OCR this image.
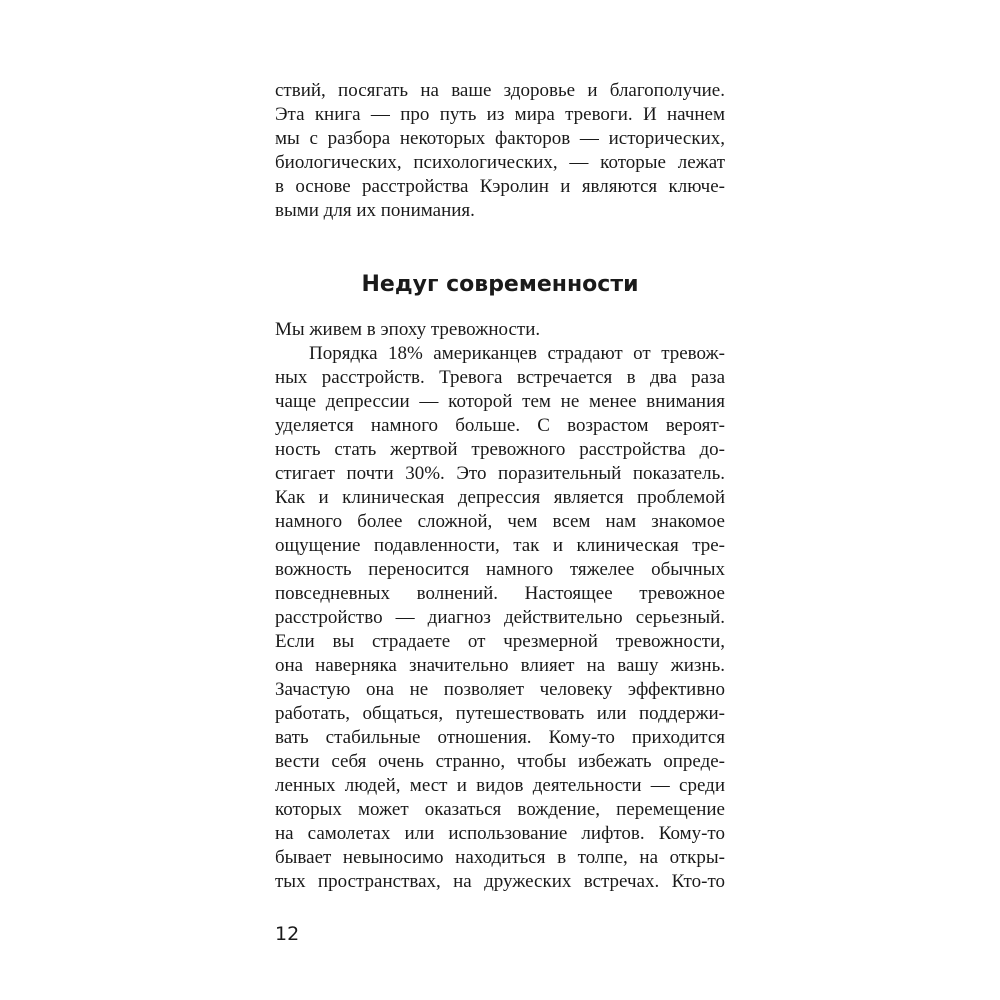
ствий, посягать на ваше здоровье и благополучие.
Эта книга — про путь из мира тревоги. И начнем
мы с разбора некоторых факторов — исторических,
биологических, психологических, — которые лежат
в основе расстройства Кэролин и являются ключе-
выми для их понимания.
Недуг современности
Мы живем в эпоху тревожности.
Порядка 18% американцев страдают от тревож-
ных расстройств. Тревога встречается в два раза
чаще депрессии — которой тем не менее внимания
уделяется намного больше. С возрастом вероят-
ность стать жертвой тревожного расстройства до-
стигает почти 30%. Это поразительный показатель.
Как и клиническая депрессия является проблемой
намного более сложной, чем всем нам знакомое
ощущение подавленности, так и клиническая тре-
вожность переносится намного тяжелее обычных
повседневных волнений. Настоящее тревожное
расстройство — диагноз действительно серьезный.
Если вы страдаете от чрезмерной тревожности,
она наверняка значительно влияет на вашу жизнь.
Зачастую она не позволяет человеку эффективно
работать, общаться, путешествовать или поддержи-
вать стабильные отношения. Кому-то приходится
вести себя очень странно, чтобы избежать опреде-
ленных людей, мест и видов деятельности — среди
которых может оказаться вождение, перемещение
на самолетах или использование лифтов. Кому-то
бывает невыносимо находиться в толпе, на откры-
тых пространствах, на дружеских встречах. Кто-то
12
